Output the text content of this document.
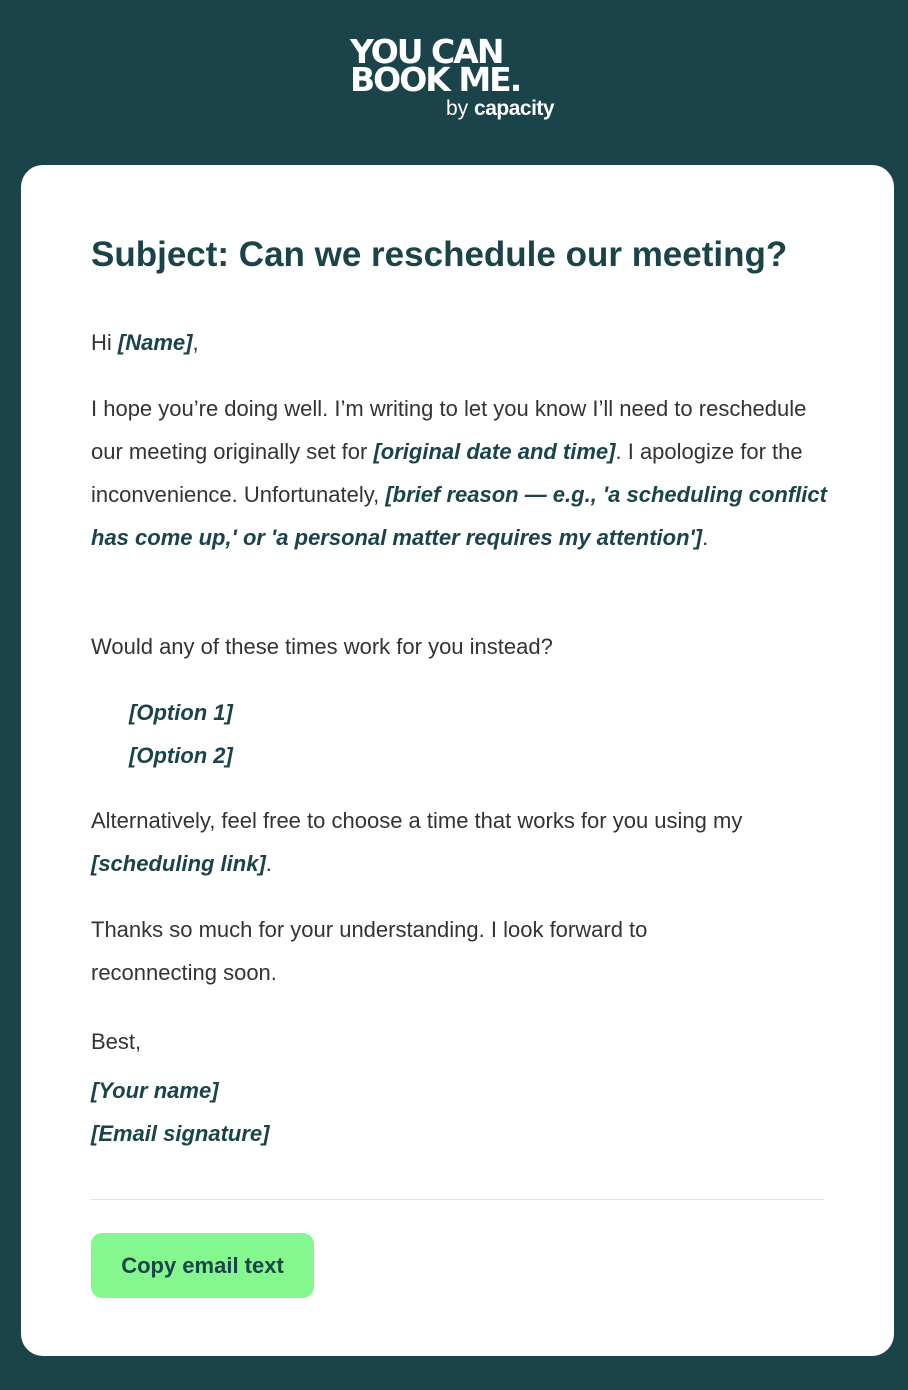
YOU CAN
BOOK ME.
by capacity
Subject: Can we reschedule our meeting?

Hi [Name],

I hope you’re doing well. I’m writing to let you know I’ll need to reschedule our meeting originally set for [original date and time]. I apologize for the inconvenience. Unfortunately, [brief reason — e.g., 'a scheduling conflict has come up,' or 'a personal matter requires my attention'].

Would any of these times work for you instead?

[Option 1]

[Option 2]

Alternatively, feel free to choose a time that works for you using my [scheduling link].

Thanks so much for your understanding. I look forward to reconnecting soon.

Best,

[Your name]

[Email signature]

Copy email text
